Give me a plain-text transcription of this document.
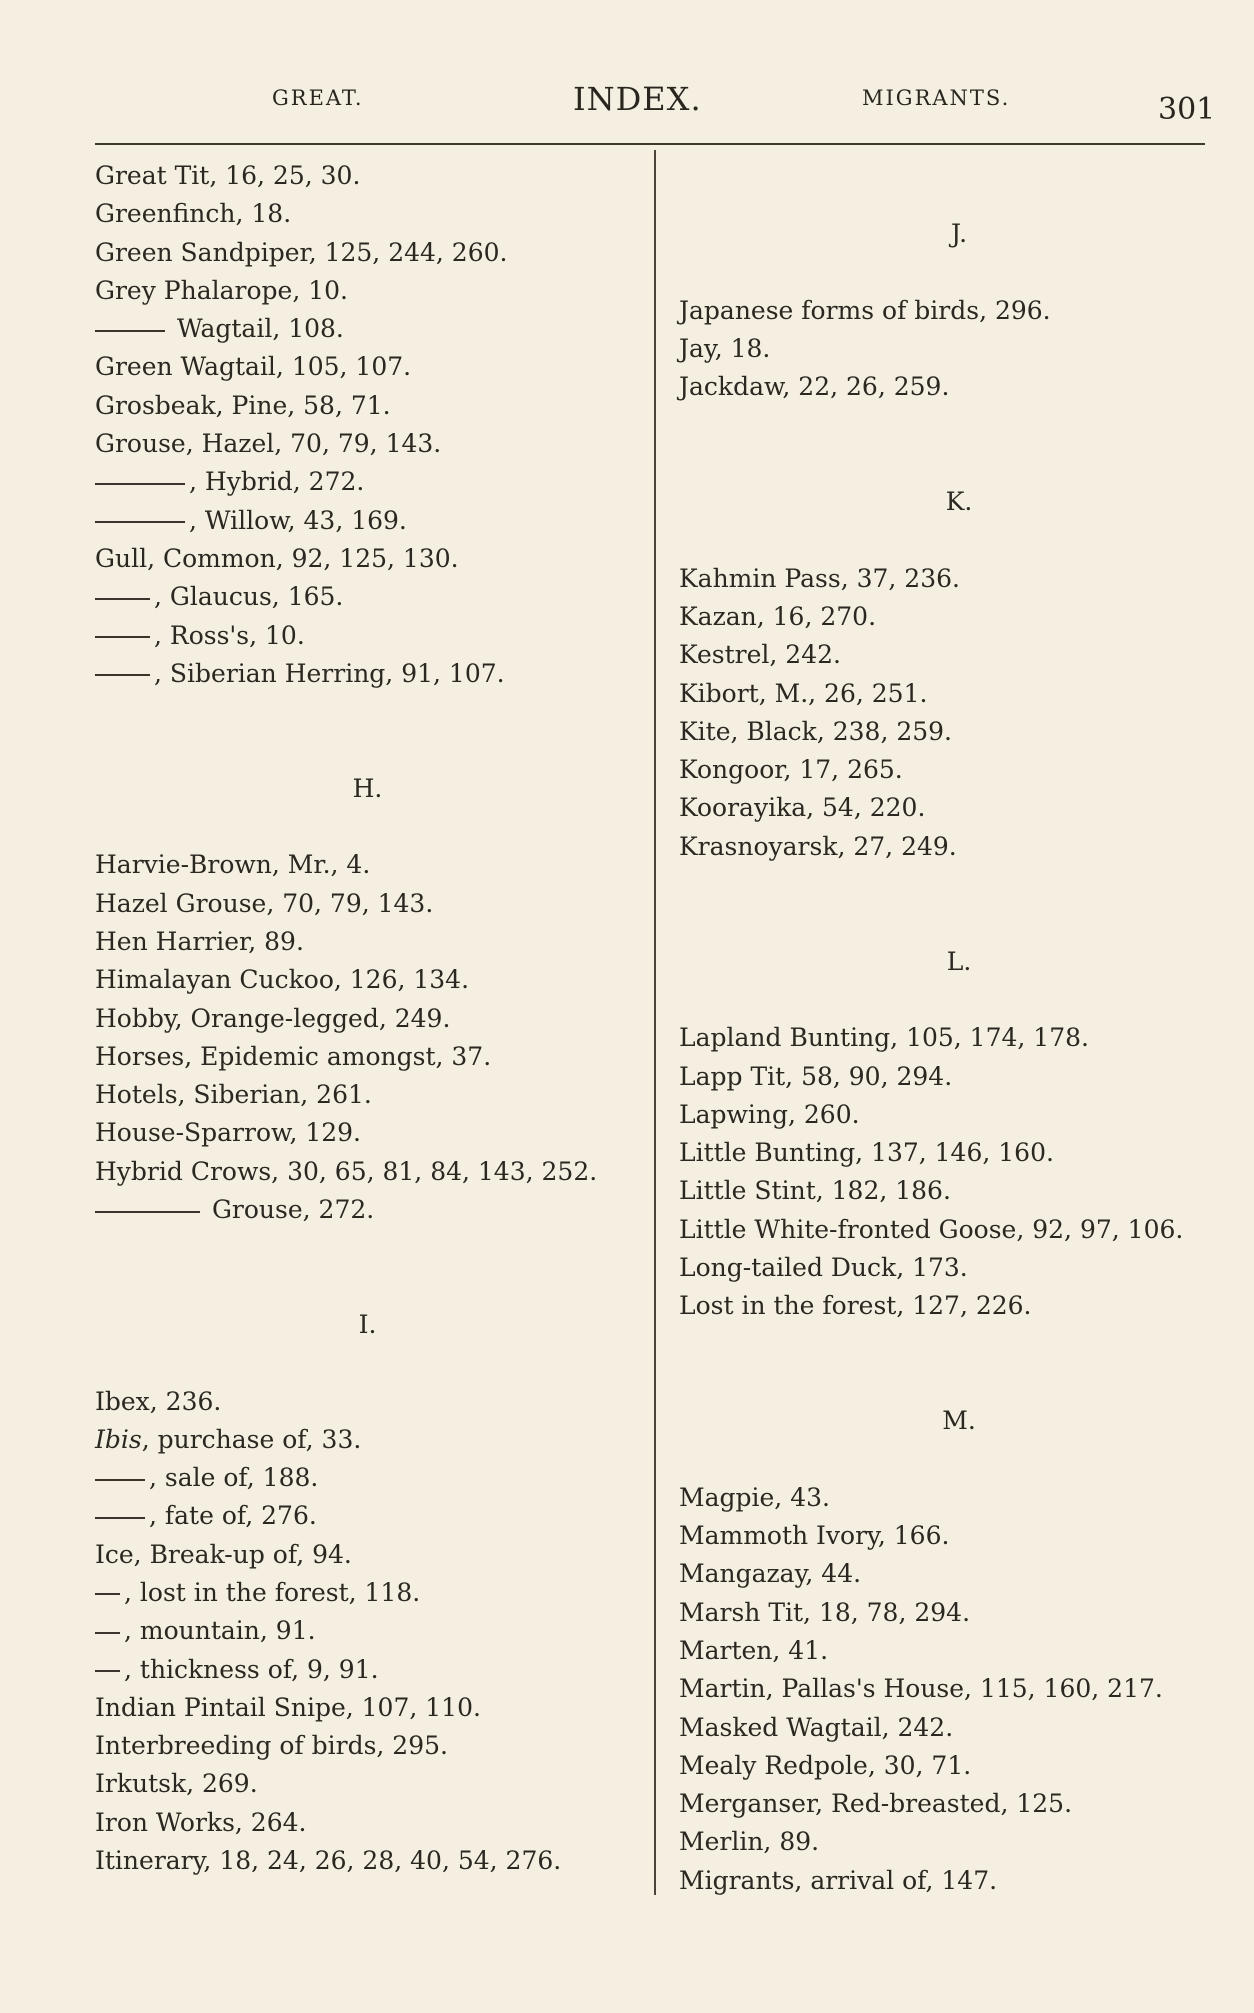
GREAT.	INDEX.	MIGRANTS.	301
Great Tit, 16, 25, 30.
Greenfinch, 18.
Green Sandpiper, 125, 244, 260.
Grey Phalarope, 10.
Wagtail, 108.
Green Wagtail, 105, 107.
Grosbeak, Pine, 58, 71.
Grouse, Hazel, 70, 79, 143.
, Hybrid, 272.
, Willow, 43, 169.
Gull, Common, 92, 125, 130.
, Glaucus, 165.
, Ross's, 10.
, Siberian Herring, 91, 107.
H.
Harvie-Brown, Mr., 4.
Hazel Grouse, 70, 79, 143.
Hen Harrier, 89.
Himalayan Cuckoo, 126, 134.
Hobby, Orange-legged, 249.
Horses, Epidemic amongst, 37.
Hotels, Siberian, 261.
House-Sparrow, 129.
Hybrid Crows, 30, 65, 81, 84, 143, 252.
Grouse, 272.
I.
Ibex, 236.
Ibis, purchase of, 33.
, sale of, 188.
, fate of, 276.
Ice, Break-up of, 94.
, lost in the forest, 118.
, mountain, 91.
, thickness of, 9, 91.
Indian Pintail Snipe, 107, 110.
Interbreeding of birds, 295.
Irkutsk, 269.
Iron Works, 264.
Itinerary, 18, 24, 26, 28, 40, 54, 276.
J.
Japanese forms of birds, 296.
Jay, 18.
Jackdaw, 22, 26, 259.
K.
Kahmin Pass, 37, 236.
Kazan, 16, 270.
Kestrel, 242.
Kibort, M., 26, 251.
Kite, Black, 238, 259.
Kongoor, 17, 265.
Koorayika, 54, 220.
Krasnoyarsk, 27, 249.
L.
Lapland Bunting, 105, 174, 178.
Lapp Tit, 58, 90, 294.
Lapwing, 260.
Little Bunting, 137, 146, 160.
Little Stint, 182, 186.
Little White-fronted Goose, 92, 97, 106.
Long-tailed Duck, 173.
Lost in the forest, 127, 226.
M.
Magpie, 43.
Mammoth Ivory, 166.
Mangazay, 44.
Marsh Tit, 18, 78, 294.
Marten, 41.
Martin, Pallas's House, 115, 160, 217.
Masked Wagtail, 242.
Mealy Redpole, 30, 71.
Merganser, Red-breasted, 125.
Merlin, 89.
Migrants, arrival of, 147.
